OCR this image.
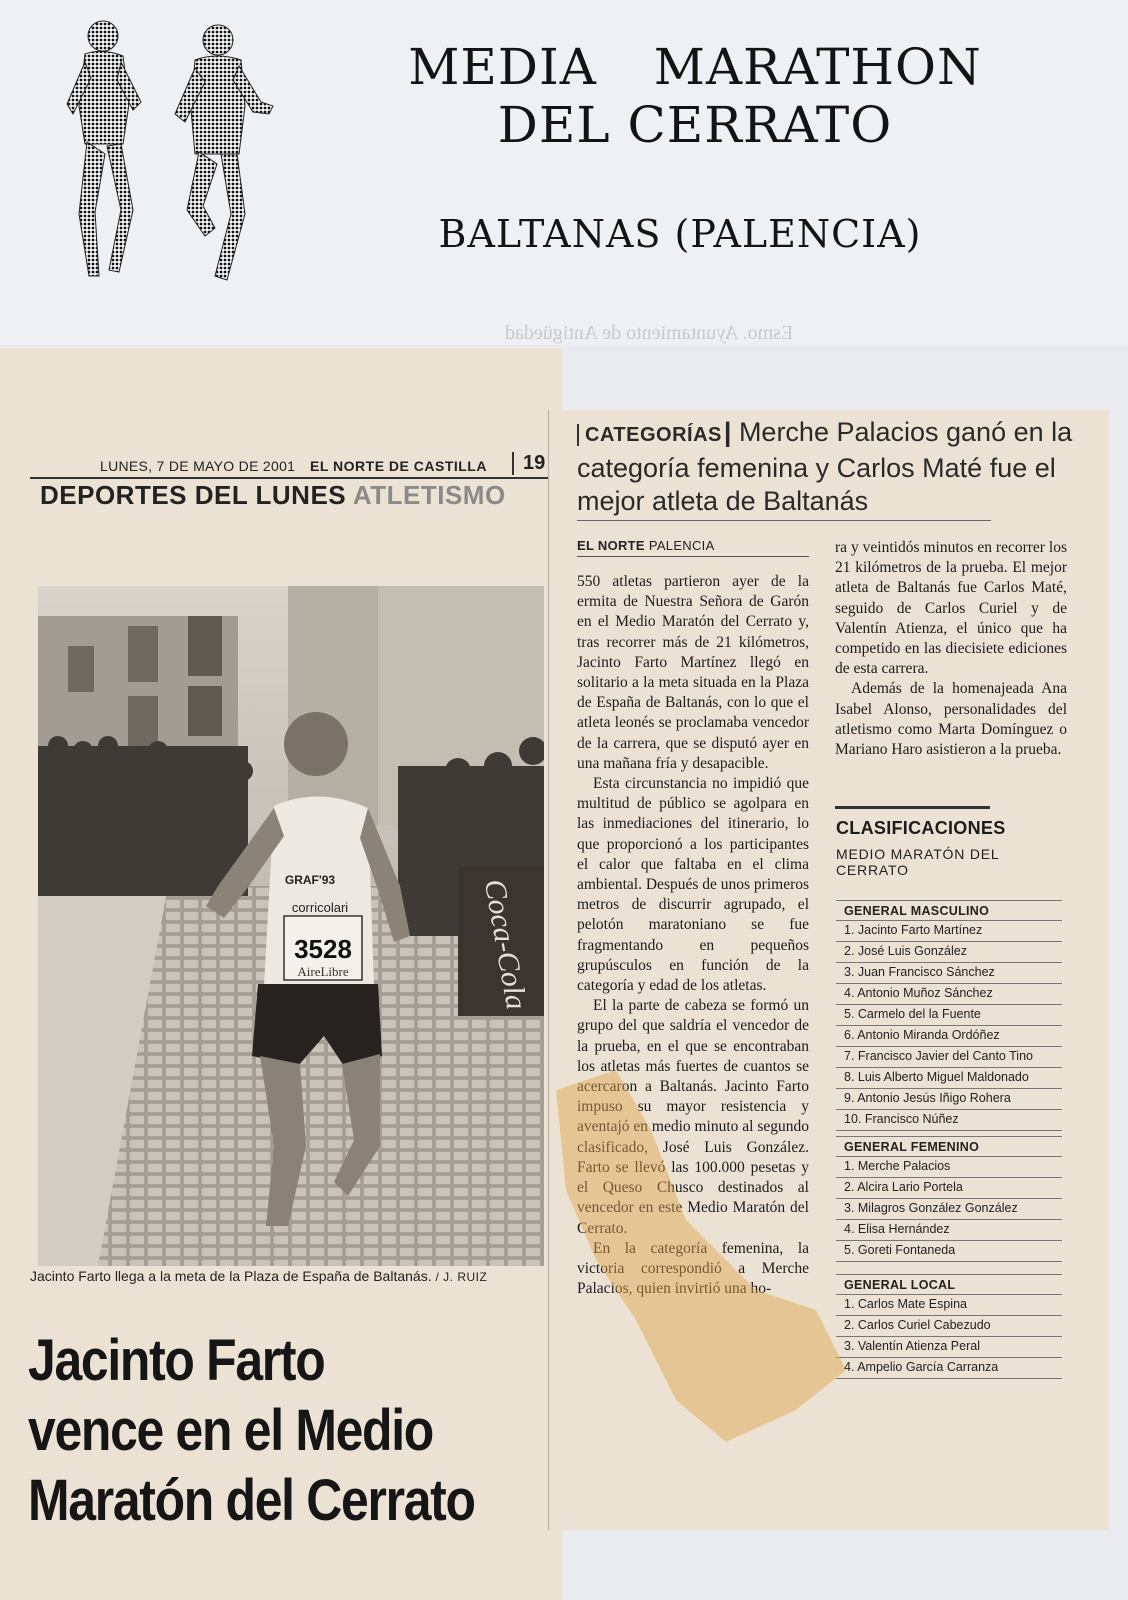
MEDIA MARATHON
DEL CERRATO
BALTANAS (PALENCIA)
Esmo. Ayuntamiento de Antigüedad
LUNES, 7 DE MAYO DE 2001 EL NORTE DE CASTILLA	19
DEPORTES DEL LUNES ATLETISMO
Coca-Cola
3528
AireLibre
GRAF'93
corricolari
Jacinto Farto llega a la meta de la Plaza de España de Baltanás. / J. RUIZ
Jacinto Farto
vence en el Medio
Maratón del Cerrato
CATEGORÍAS| Merche Palacios ganó en la categoría femenina y Carlos Maté fue el mejor atleta de Baltanás
EL NORTE PALENCIA

550 atletas partieron ayer de la ermita de Nuestra Señora de Garón en el Medio Maratón del Cerrato y, tras recorrer más de 21 kilómetros, Jacinto Farto Martínez llegó en solitario a la meta situada en la Plaza de España de Baltanás, con lo que el atleta leonés se proclamaba vencedor de la carrera, que se disputó ayer en una mañana fría y desapacible.

Esta circunstancia no impidió que multitud de público se agolpara en las inmediaciones del itinerario, lo que proporcionó a los participantes el calor que faltaba en el clima ambiental. Después de unos primeros metros de discurrir agrupado, el pelotón maratoniano se fue fragmentando en pequeños grupúsculos en función de la categoría y edad de los atletas.

El la parte de cabeza se formó un grupo del que saldría el vencedor de la prueba, en el que se encontraban los atletas más fuertes de cuantos se acercaron a Baltanás. Jacinto Farto impuso su mayor resistencia y aventajó en medio minuto al segundo clasificado, José Luis González. Farto se llevó las 100.000 pesetas y el Queso Chusco destinados al vencedor en este Medio Maratón del Cerrato.

En la categoría femenina, la victoria correspondió a Merche Palacios, quien invirtió una ho-

ra y veintidós minutos en recorrer los 21 kilómetros de la prueba. El mejor atleta de Baltanás fue Carlos Maté, seguido de Carlos Curiel y de Valentín Atienza, el único que ha competido en las diecisiete ediciones de esta carrera.

Además de la homenajeada Ana Isabel Alonso, personalidades del atletismo como Marta Domínguez o Mariano Haro asistieron a la prueba.

CLASIFICACIONES
MEDIO MARATÓN DEL CERRATO
GENERAL MASCULINO
1. Jacinto Farto Martínez
2. José Luis González
3. Juan Francisco Sánchez
4. Antonio Muñoz Sánchez
5. Carmelo del la Fuente
6. Antonio Miranda Ordóñez
7. Francisco Javier del Canto Tino
8. Luis Alberto Miguel Maldonado
9. Antonio Jesús Iñigo Rohera
10. Francisco Núñez
GENERAL FEMENINO
1. Merche Palacios
2. Alcira Lario Portela
3. Milagros González González
4. Elisa Hernández
5. Goreti Fontaneda
GENERAL LOCAL
1. Carlos Mate Espina
2. Carlos Curiel Cabezudo
3. Valentín Atienza Peral
4. Ampelio García Carranza
